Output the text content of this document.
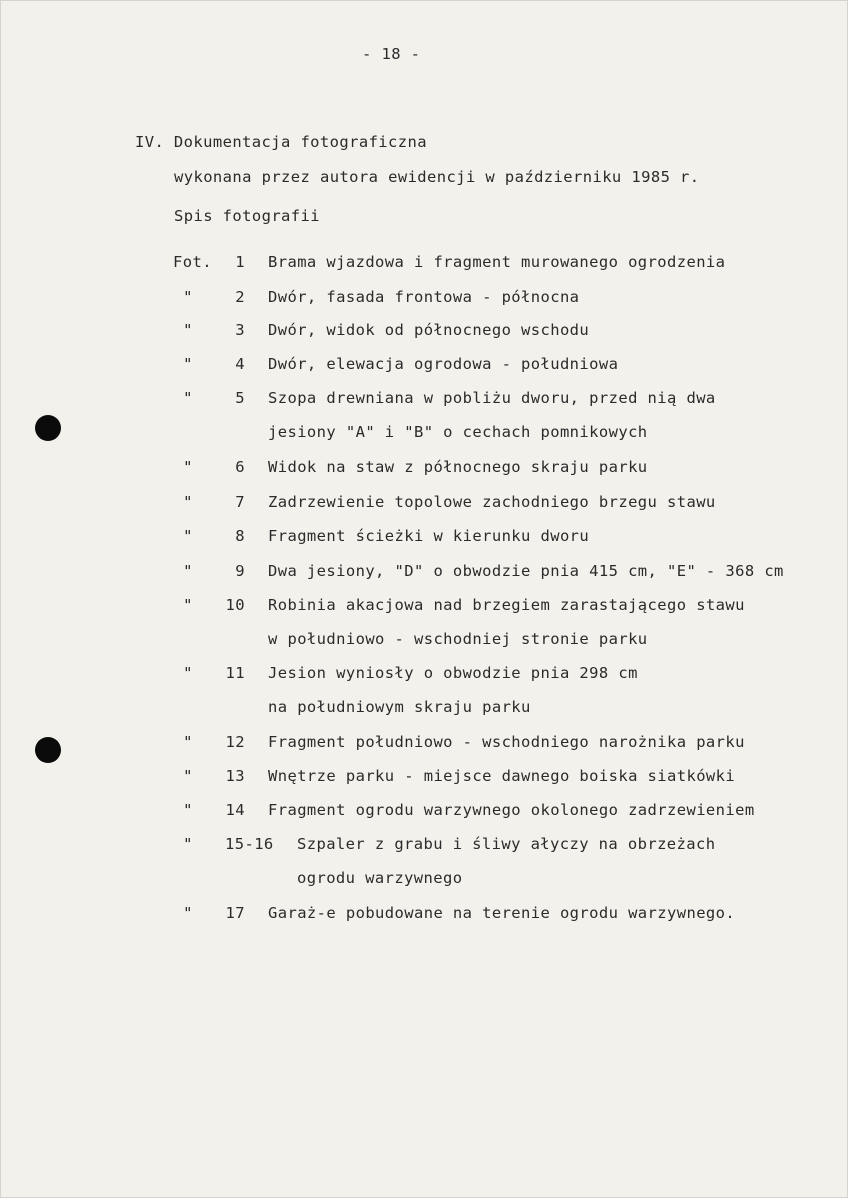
- 18 -
IV. Dokumentacja fotograficzna
wykonana przez autora ewidencji w październiku 1985 r.
Spis fotografii
Fot.	1 Brama wjazdowa i fragment murowanego ogrodzenia
"	2 Dwór, fasada frontowa - północna
"	3 Dwór, widok od północnego wschodu
"	4 Dwór, elewacja ogrodowa - południowa
"	5 Szopa drewniana w pobliżu dworu, przed nią dwa
jesiony "A" i "B" o cechach pomnikowych
"	6 Widok na staw z północnego skraju parku
"	7 Zadrzewienie topolowe zachodniego brzegu stawu
"	8 Fragment ścieżki w kierunku dworu
"	9 Dwa jesiony, "D" o obwodzie pnia 415 cm, "E" - 368 cm
"	10 Robinia akacjowa nad brzegiem zarastającego stawu
w południowo - wschodniej stronie parku
"	11 Jesion wyniosły o obwodzie pnia 298 cm
na południowym skraju parku
"	12 Fragment południowo - wschodniego narożnika parku
"	13 Wnętrze parku - miejsce dawnego boiska siatkówki
"	14 Fragment ogrodu warzywnego okolonego zadrzewieniem
" 15-16 Szpaler z grabu i śliwy ałyczy na obrzeżach
ogrodu warzywnego
"	17 Garaż-e pobudowane na terenie ogrodu warzywnego.
